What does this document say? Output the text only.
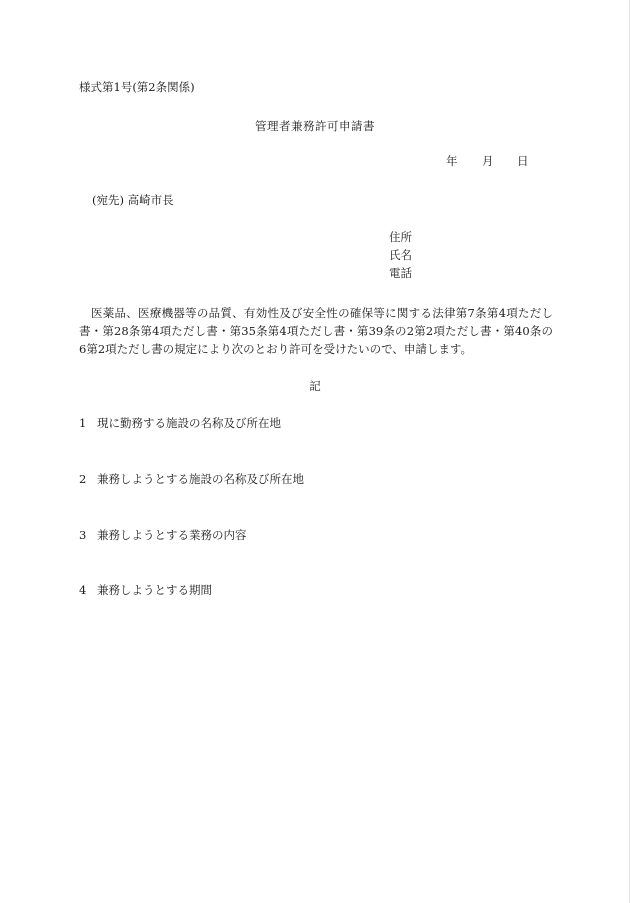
様式第1号(第2条関係)
管理者兼務許可申請書
年 月 日
(宛先) 高崎市長
住所
氏名
電話
医薬品、医療機器等の品質、有効性及び安全性の確保等に関する法律第7条第4項ただし書・第28条第4項ただし書・第35条第4項ただし書・第39条の2第2項ただし書・第40条の6第2項ただし書の規定により次のとおり許可を受けたいので、申請します。
記
1 現に勤務する施設の名称及び所在地
2 兼務しようとする施設の名称及び所在地
3 兼務しようとする業務の内容
4 兼務しようとする期間
